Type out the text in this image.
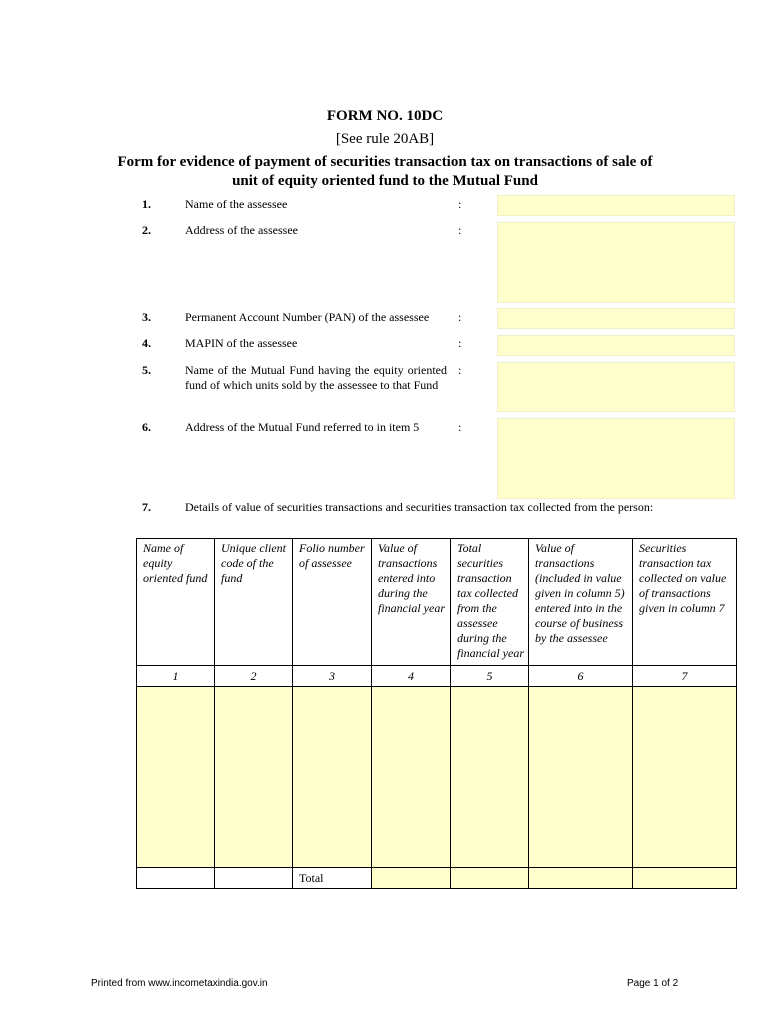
FORM NO. 10DC
[See rule 20AB]
Form for evidence of payment of securities transaction tax on transactions of sale of
unit of equity oriented fund to the Mutual Fund
1.	Name of the assessee	:
2.	Address of the assessee	:
3.	Permanent Account Number (PAN) of the assessee	:
4.	MAPIN of the assessee	:
5.	Name of the Mutual Fund having the equity oriented fund of which units sold by the assessee to that Fund
:
6.	Address of the Mutual Fund referred to in item 5	:
7.	Details of value of securities transactions and securities transaction tax collected from the person:
Name of equity oriented fund	Unique client code of the fund	Folio number of assessee	Value of transactions entered into during the financial year	Total securities transaction tax collected from the assessee during the financial year	Value of transactions (included in value given in column 5) entered into in the course of business by the assessee	Securities transaction tax collected on value of transactions given in column 7
1	2	3	4	5	6	7

		Total				
Printed from www.incometaxindia.gov.in	Page 1 of 2
